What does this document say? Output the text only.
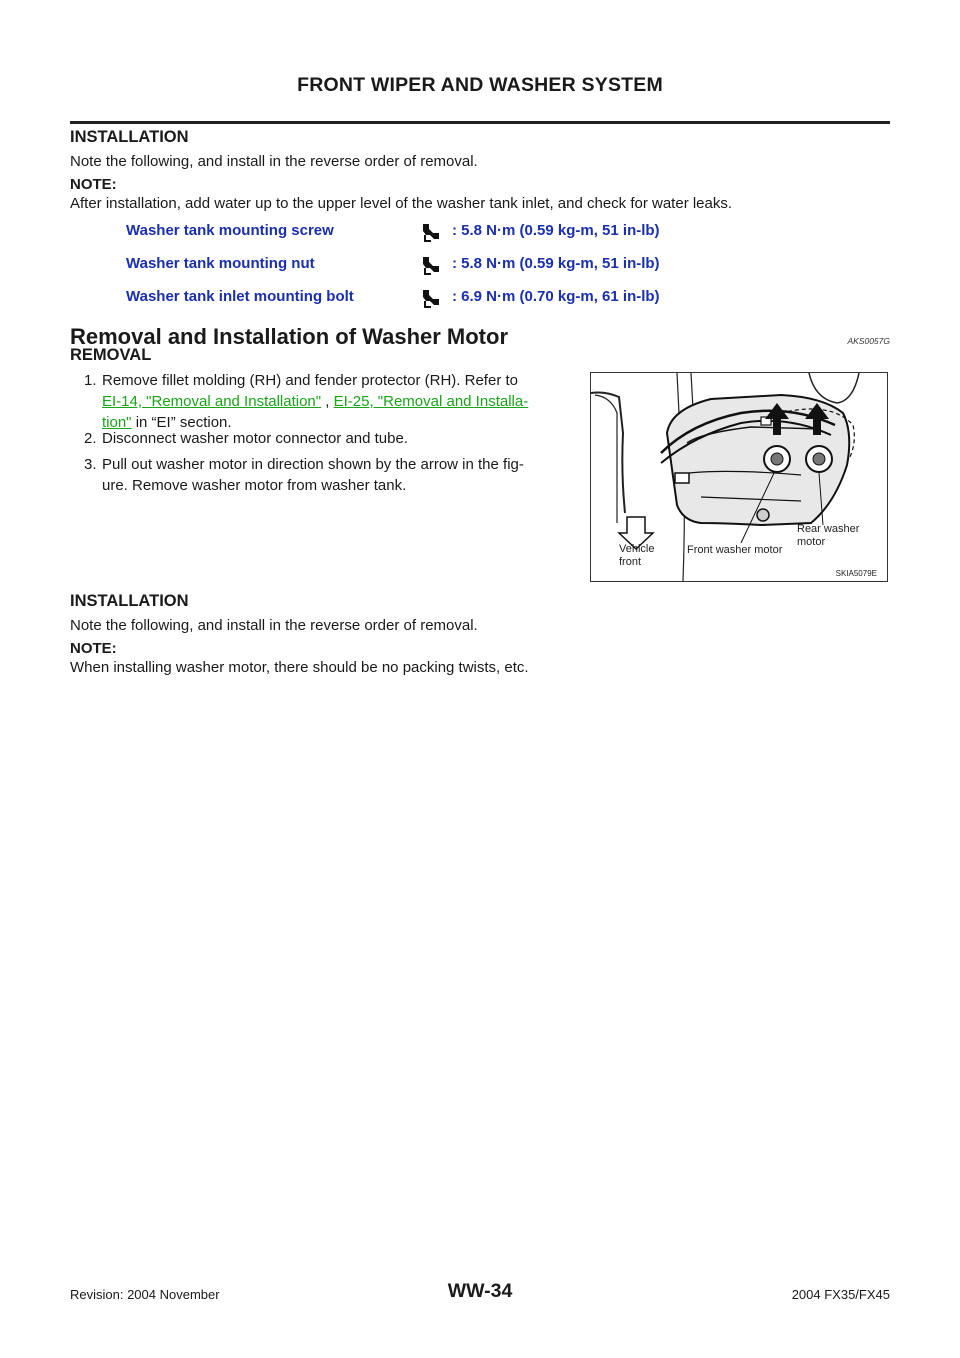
FRONT WIPER AND WASHER SYSTEM
INSTALLATION
Note the following, and install in the reverse order of removal.
NOTE:
After installation, add water up to the upper level of the washer tank inlet, and check for water leaks.
Washer tank mounting screw	: 5.8 N·m (0.59 kg-m, 51 in-lb)
Washer tank mounting nut	: 5.8 N·m (0.59 kg-m, 51 in-lb)
Washer tank inlet mounting bolt	: 6.9 N·m (0.70 kg-m, 61 in-lb)
Removal and Installation of Washer Motor	AKS0057G
REMOVAL
1. Remove fillet molding (RH) and fender protector (RH). Refer to
EI-14, "Removal and Installation" , EI-25, "Removal and Installa-
tion" in “EI” section.
2. Disconnect washer motor connector and tube.
3. Pull out washer motor in direction shown by the arrow in the fig-
ure. Remove washer motor from washer tank.
Vehicle
front
Front washer motor
Rear washer
motor
SKIA5079E
INSTALLATION
Note the following, and install in the reverse order of removal.
NOTE:
When installing washer motor, there should be no packing twists, etc.
Revision: 2004 November	WW-34	2004 FX35/FX45
